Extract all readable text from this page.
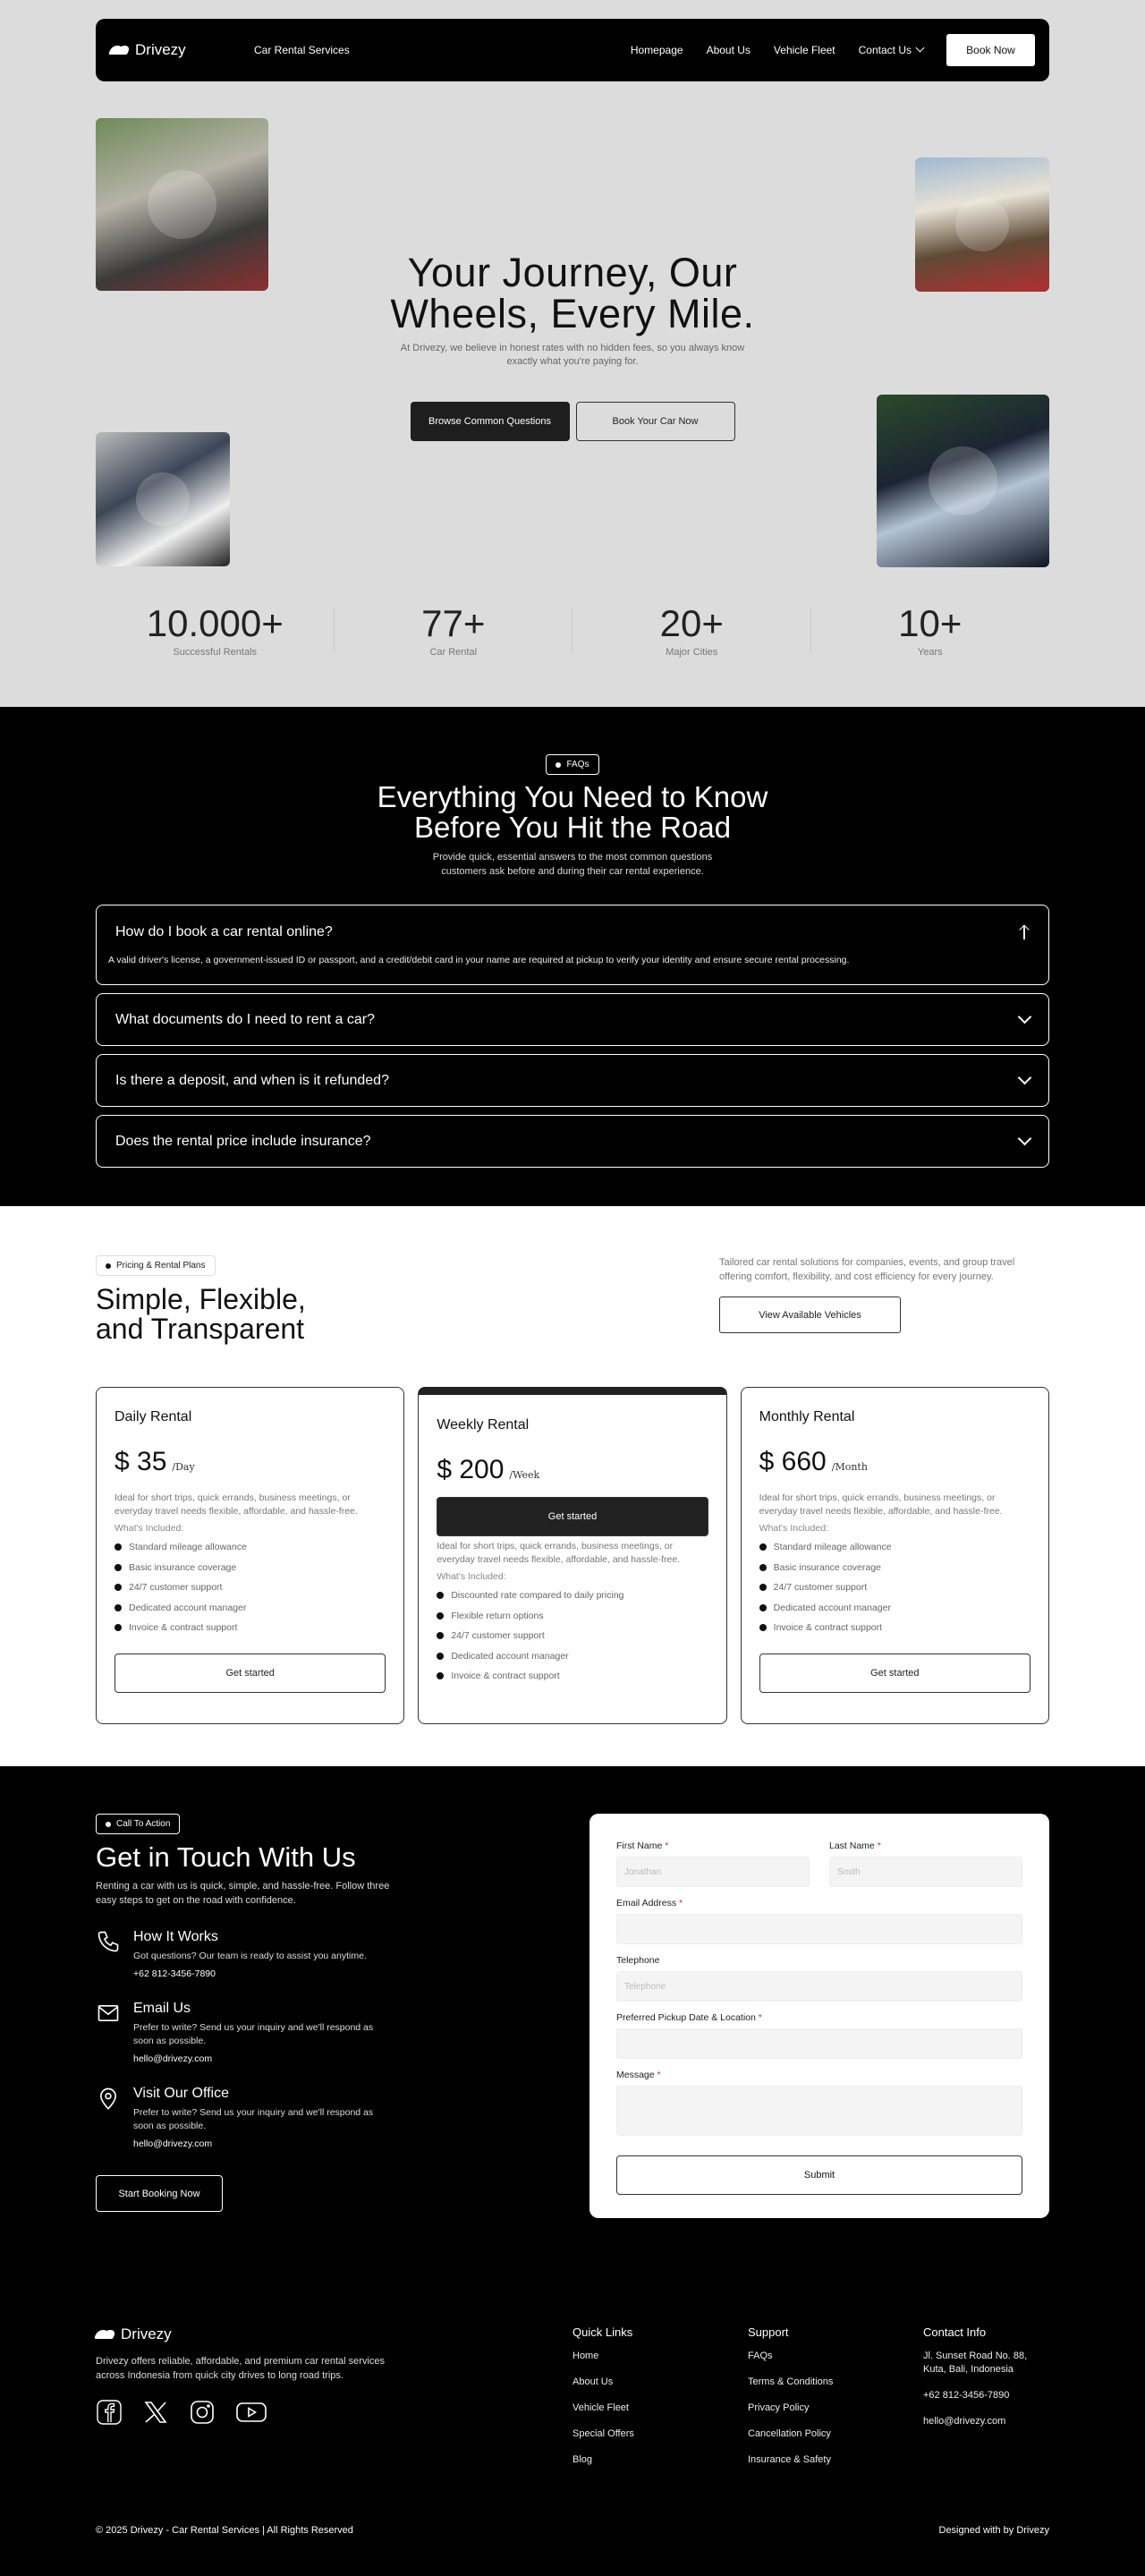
Drivezy	Car Rental Services	Homepage About Us Vehicle Fleet Contact Us	Book Now
Your Journey, Our
Wheels, Every Mile.

At Drivezy, we believe in honest rates with no hidden fees, so you always know exactly what you're paying for.

Browse Common Questions	Book Your Car Now
10.000+
Successful Rentals
77+
Car Rental
20+
Major Cities
10+
Years
FAQs
Everything You Need to Know
Before You Hit the Road

Provide quick, essential answers to the most common questions customers ask before and during their car rental experience.

How do I book a car rental online?
A valid driver's license, a government-issued ID or passport, and a credit/debit card in your name are required at pickup to verify your identity and ensure secure rental processing.
What documents do I need to rent a car?
Is there a deposit, and when is it refunded?
Does the rental price include insurance?
Pricing & Rental Plans
Simple, Flexible,
and Transparent

Tailored car rental solutions for companies, events, and group travel offering comfort, flexibility, and cost efficiency for every journey.

View Available Vehicles
Daily Rental
$ 35 /Day
Ideal for short trips, quick errands, business meetings, or everyday travel needs flexible, affordable, and hassle-free.
What's Included:
Standard mileage allowance
Basic insurance coverage
24/7 customer support
Dedicated account manager
Invoice & contract support
Get started
Weekly Rental
$ 200 /Week
Get started
Ideal for short trips, quick errands, business meetings, or everyday travel needs flexible, affordable, and hassle-free.
What's Included:
Discounted rate compared to daily pricing
Flexible return options
24/7 customer support
Dedicated account manager
Invoice & contract support
Monthly Rental
$ 660 /Month
Ideal for short trips, quick errands, business meetings, or everyday travel needs flexible, affordable, and hassle-free.
What's Included:
Standard mileage allowance
Basic insurance coverage
24/7 customer support
Dedicated account manager
Invoice & contract support
Get started
Call To Action
Get in Touch With Us

Renting a car with us is quick, simple, and hassle-free. Follow three easy steps to get on the road with confidence.

How It Works
Got questions? Our team is ready to assist you anytime.
+62 812-3456-7890
Email Us
Prefer to write? Send us your inquiry and we'll respond as soon as possible.
hello@drivezy.com
Visit Our Office
Prefer to write? Send us your inquiry and we'll respond as soon as possible.
hello@drivezy.com
Start Booking Now
First Name *
Jonathan
Last Name *
Smith
Email Address *
Telephone
Telephone
Preferred Pickup Date & Location *
Message *
Submit
Drivezy

Drivezy offers reliable, affordable, and premium car rental services across Indonesia from quick city drives to long road trips.

Quick Links
Home
About Us
Vehicle Fleet
Special Offers
Blog
Support
FAQs
Terms & Conditions
Privacy Policy
Cancellation Policy
Insurance & Safety
Contact Info
Jl. Sunset Road No. 88, Kuta, Bali, Indonesia
+62 812-3456-7890
hello@drivezy.com
© 2025 Drivezy - Car Rental Services | All Rights Reserved	Designed with by Drivezy
